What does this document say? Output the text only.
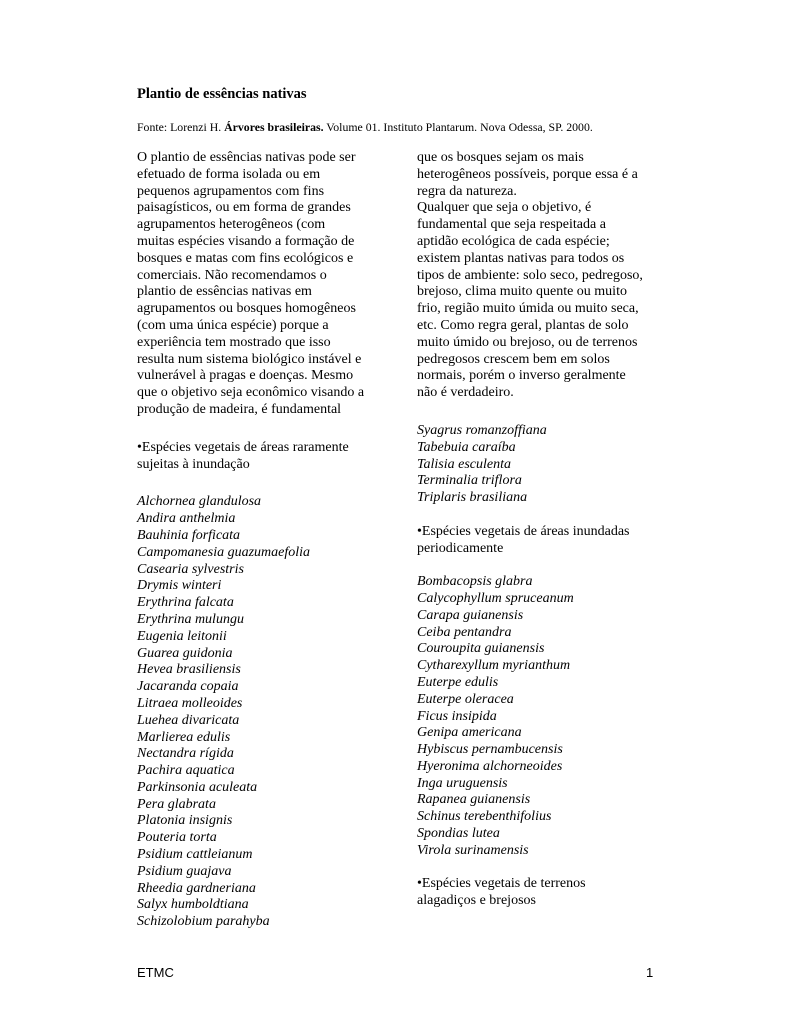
Plantio de essências nativas
Fonte: Lorenzi H. Árvores brasileiras. Volume 01. Instituto Plantarum. Nova Odessa, SP. 2000.
O plantio de essências nativas pode ser
efetuado de forma isolada ou em
pequenos agrupamentos com fins
paisagísticos, ou em forma de grandes
agrupamentos heterogêneos (com
muitas espécies visando a formação de
bosques e matas com fins ecológicos e
comerciais. Não recomendamos o
plantio de essências nativas em
agrupamentos ou bosques homogêneos
(com uma única espécie) porque a
experiência tem mostrado que isso
resulta num sistema biológico instável e
vulnerável à pragas e doenças. Mesmo
que o objetivo seja econômico visando a
produção de madeira, é fundamental
•Espécies vegetais de áreas raramente
sujeitas à inundação
Alchornea glandulosa
Andira anthelmia
Bauhinia forficata
Campomanesia guazumaefolia
Casearia sylvestris
Drymis winteri
Erythrina falcata
Erythrina mulungu
Eugenia leitonii
Guarea guidonia
Hevea brasiliensis
Jacaranda copaia
Litraea molleoides
Luehea divaricata
Marlierea edulis
Nectandra rígida
Pachira aquatica
Parkinsonia aculeata
Pera glabrata
Platonia insignis
Pouteria torta
Psidium cattleianum
Psidium guajava
Rheedia gardneriana
Salyx humboldtiana
Schizolobium parahyba
que os bosques sejam os mais
heterogêneos possíveis, porque essa é a
regra da natureza.
Qualquer que seja o objetivo, é
fundamental que seja respeitada a
aptidão ecológica de cada espécie;
existem plantas nativas para todos os
tipos de ambiente: solo seco, pedregoso,
brejoso, clima muito quente ou muito
frio, região muito úmida ou muito seca,
etc. Como regra geral, plantas de solo
muito úmido ou brejoso, ou de terrenos
pedregosos crescem bem em solos
normais, porém o inverso geralmente
não é verdadeiro.
Syagrus romanzoffiana
Tabebuia caraíba
Talisia esculenta
Terminalia triflora
Triplaris brasiliana
•Espécies vegetais de áreas inundadas
periodicamente
Bombacopsis glabra
Calycophyllum spruceanum
Carapa guianensis
Ceiba pentandra
Couroupita guianensis
Cytharexyllum myrianthum
Euterpe edulis
Euterpe oleracea
Ficus insipida
Genipa americana
Hybiscus pernambucensis
Hyeronima alchorneoides
Inga uruguensis
Rapanea guianensis
Schinus terebenthifolius
Spondias lutea
Virola surinamensis
•Espécies vegetais de terrenos
alagadiços e brejosos
ETMC	1
